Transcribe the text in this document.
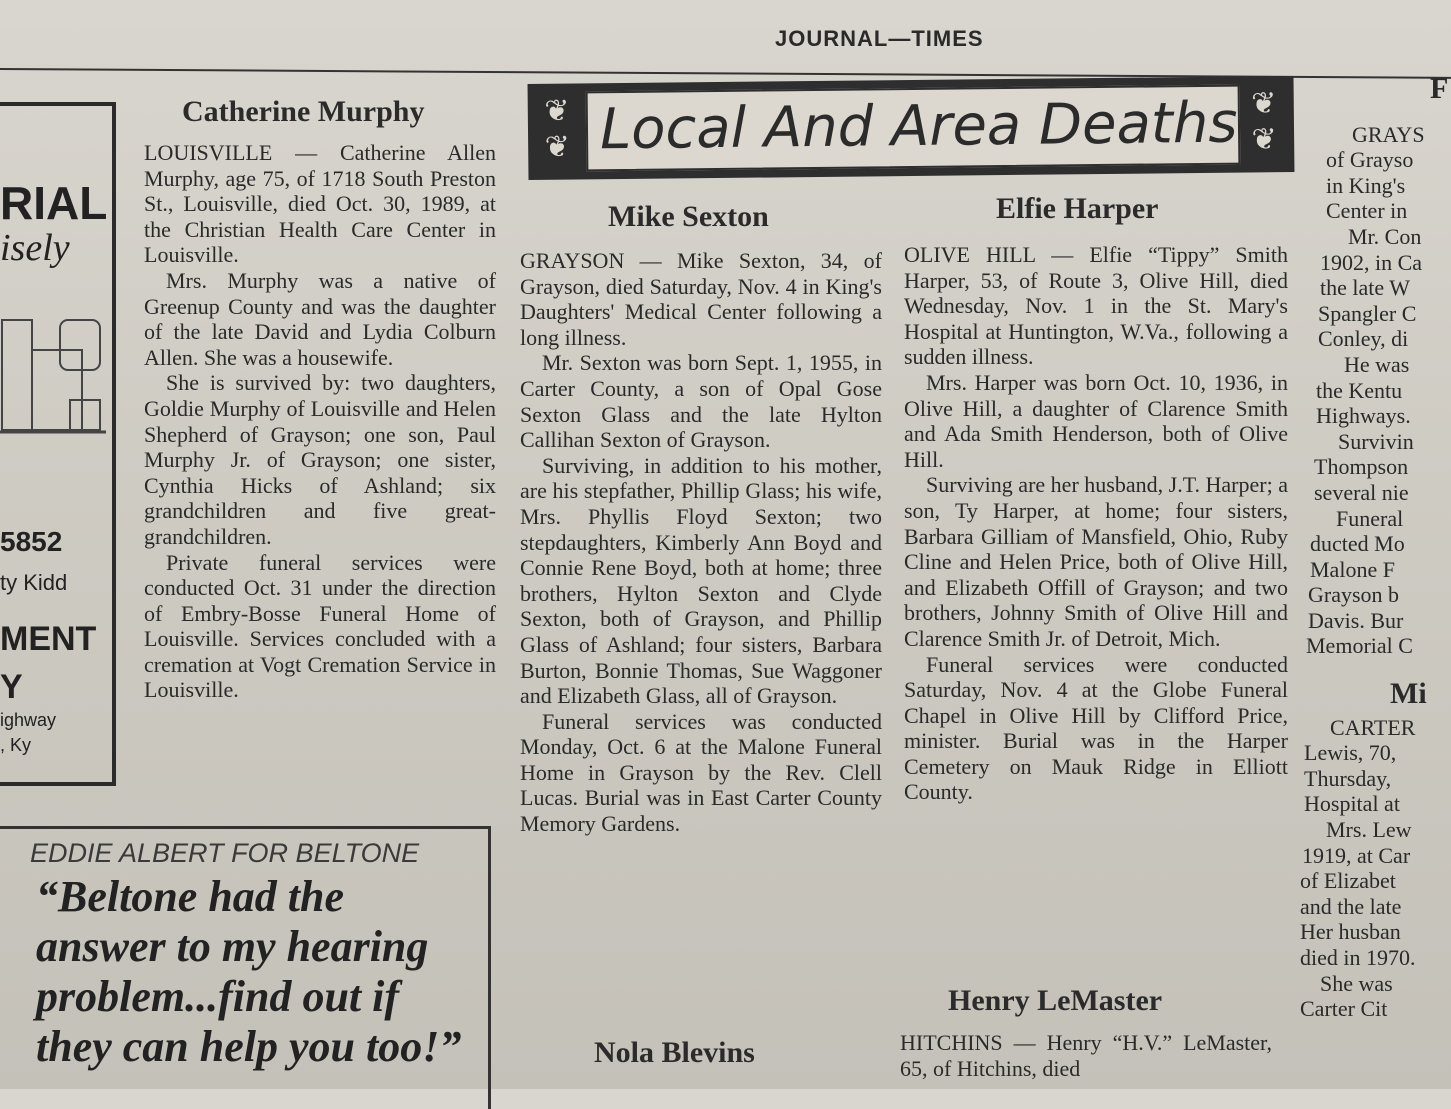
JOURNAL—TIMES
RIAL
isely
5852
ty Kidd
MENT
Y
ighway
, Ky
Catherine Murphy

LOUISVILLE — Catherine Allen Murphy, age 75, of 1718 South Preston St., Louisville, died Oct. 30, 1989, at the Christian Health Care Center in Louisville.

Mrs. Murphy was a native of Greenup County and was the daughter of the late David and Lydia Colburn Allen. She was a housewife.

She is survived by: two daughters, Goldie Murphy of Louisville and Helen Shepherd of Grayson; one son, Paul Murphy Jr. of Grayson; one sister, Cynthia Hicks of Ashland; six grandchildren and five great-grandchildren.

Private funeral services were conducted Oct. 31 under the direction of Embry-Bosse Funeral Home of Louisville. Services concluded with a cremation at Vogt Cremation Service in Louisville.

EDDIE ALBERT FOR BELTONE
“Beltone had the
answer to my hearing
problem...find out if
they can help you too!”
❦
❦ Local And Area Deaths ❦
❦
Mike Sexton

GRAYSON — Mike Sexton, 34, of Grayson, died Saturday, Nov. 4 in King's Daughters' Medical Center following a long illness.

Mr. Sexton was born Sept. 1, 1955, in Carter County, a son of Opal Gose Sexton Glass and the late Hylton Callihan Sexton of Grayson.

Surviving, in addition to his mother, are his stepfather, Phillip Glass; his wife, Mrs. Phyllis Floyd Sexton; two stepdaughters, Kimberly Ann Boyd and Connie Rene Boyd, both at home; three brothers, Hylton Sexton and Clyde Sexton, both of Grayson, and Phillip Glass of Ashland; four sisters, Barbara Burton, Bonnie Thomas, Sue Waggoner and Elizabeth Glass, all of Grayson.

Funeral services was conducted Monday, Oct. 6 at the Malone Funeral Home in Grayson by the Rev. Clell Lucas. Burial was in East Carter County Memory Gardens.

Nola Blevins
Elfie Harper

OLIVE HILL — Elfie “Tippy” Smith Harper, 53, of Route 3, Olive Hill, died Wednesday, Nov. 1 in the St. Mary's Hospital at Huntington, W.Va., following a sudden illness.

Mrs. Harper was born Oct. 10, 1936, in Olive Hill, a daughter of Clarence Smith and Ada Smith Henderson, both of Olive Hill.

Surviving are her husband, J.T. Harper; a son, Ty Harper, at home; four sisters, Barbara Gilliam of Mansfield, Ohio, Ruby Cline and Helen Price, both of Olive Hill, and Elizabeth Offill of Grayson; and two brothers, Johnny Smith of Olive Hill and Clarence Smith Jr. of Detroit, Mich.

Funeral services were conducted Saturday, Nov. 4 at the Globe Funeral Chapel in Olive Hill by Clifford Price, minister. Burial was in the Harper Cemetery on Mauk Ridge in Elliott County.

Henry LeMaster

HITCHINS — Henry “H.V.” LeMaster, 65, of Hitchins, died

F
GRAYS
of Grayso
in King's
Center in
Mr. Con
1902, in Ca
the late W
Spangler C
Conley, di
He was
the Kentu
Highways.
Survivin
Thompson
several nie
Funeral
ducted Mo
Malone F
Grayson b
Davis. Bur
Memorial C
Mi
CARTER
Lewis, 70,
Thursday,
Hospital at
Mrs. Lew
1919, at Car
of Elizabet
and the late
Her husban
died in 1970.
She was
Carter Cit
